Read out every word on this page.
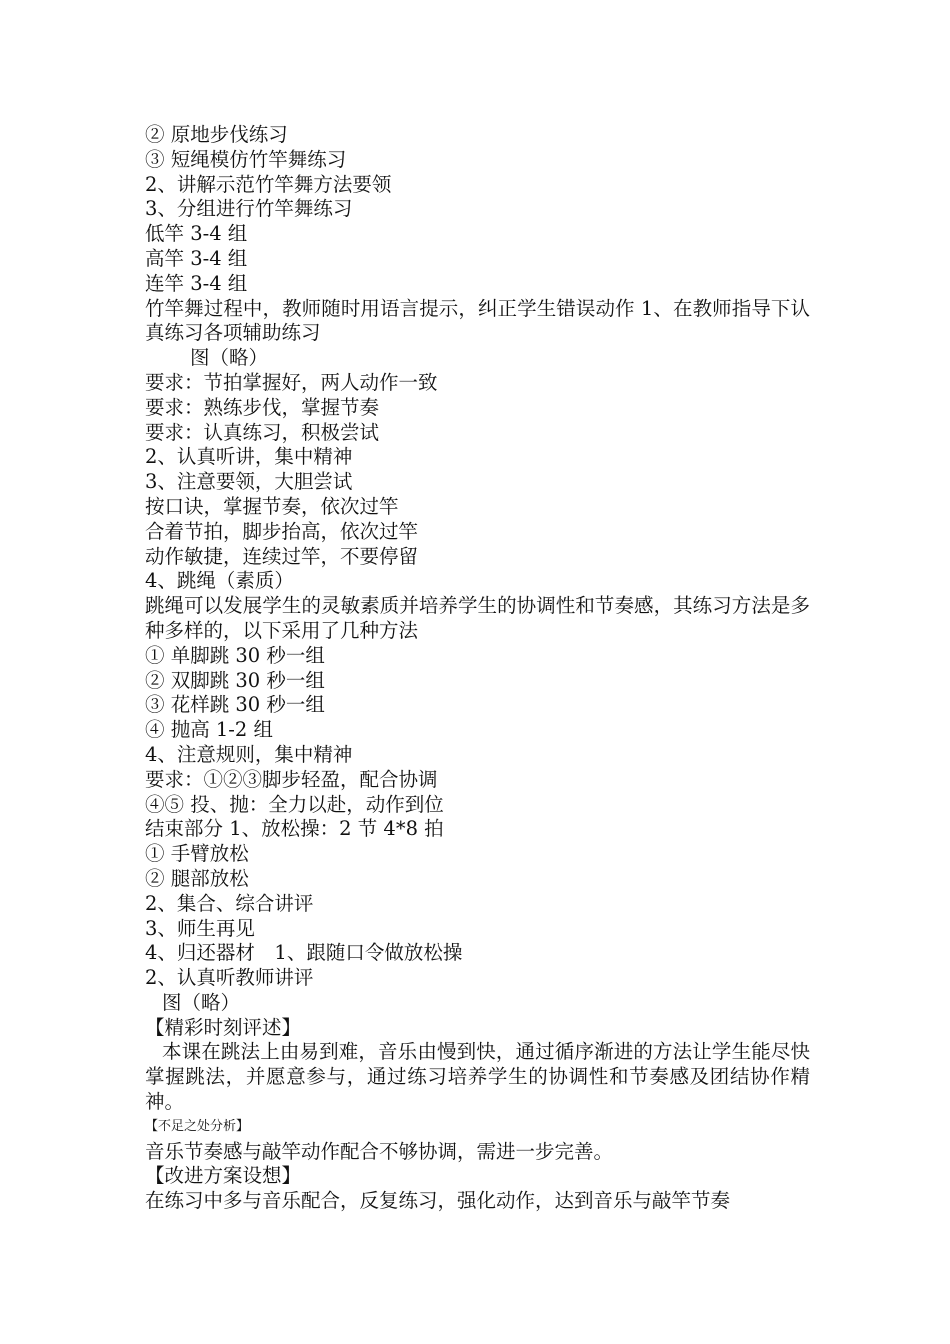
② 原地步伐练习
③ 短绳模仿竹竿舞练习
2、讲解示范竹竿舞方法要领
3、分组进行竹竿舞练习
低竿 3-4 组
高竿 3-4 组
连竿 3-4 组
竹竿舞过程中，教师随时用语言提示，纠正学生错误动作 1、在教师指导下认真练习各项辅助练习
图（略）
要求：节拍掌握好，两人动作一致
要求：熟练步伐，掌握节奏
要求：认真练习，积极尝试
2、认真听讲，集中精神
3、注意要领，大胆尝试
按口诀，掌握节奏，依次过竿
合着节拍，脚步抬高，依次过竿
动作敏捷，连续过竿，不要停留
4、跳绳（素质）
跳绳可以发展学生的灵敏素质并培养学生的协调性和节奏感，其练习方法是多种多样的，以下采用了几种方法
① 单脚跳 30 秒一组
② 双脚跳 30 秒一组
③ 花样跳 30 秒一组
④ 抛高 1-2 组
4、注意规则，集中精神
要求：①②③脚步轻盈，配合协调
④⑤ 投、抛：全力以赴，动作到位
结束部分 1、放松操：2 节 4*8 拍
① 手臂放松
② 腿部放松
2、集合、综合讲评
3、师生再见
4、归还器材　1、跟随口令做放松操
2、认真听教师讲评
图（略）
【精彩时刻评述】
本课在跳法上由易到难，音乐由慢到快，通过循序渐进的方法让学生能尽快掌握跳法，并愿意参与，通过练习培养学生的协调性和节奏感及团结协作精神。
【不足之处分析】
音乐节奏感与敲竿动作配合不够协调，需进一步完善。
【改进方案设想】
在练习中多与音乐配合，反复练习，强化动作，达到音乐与敲竿节奏
